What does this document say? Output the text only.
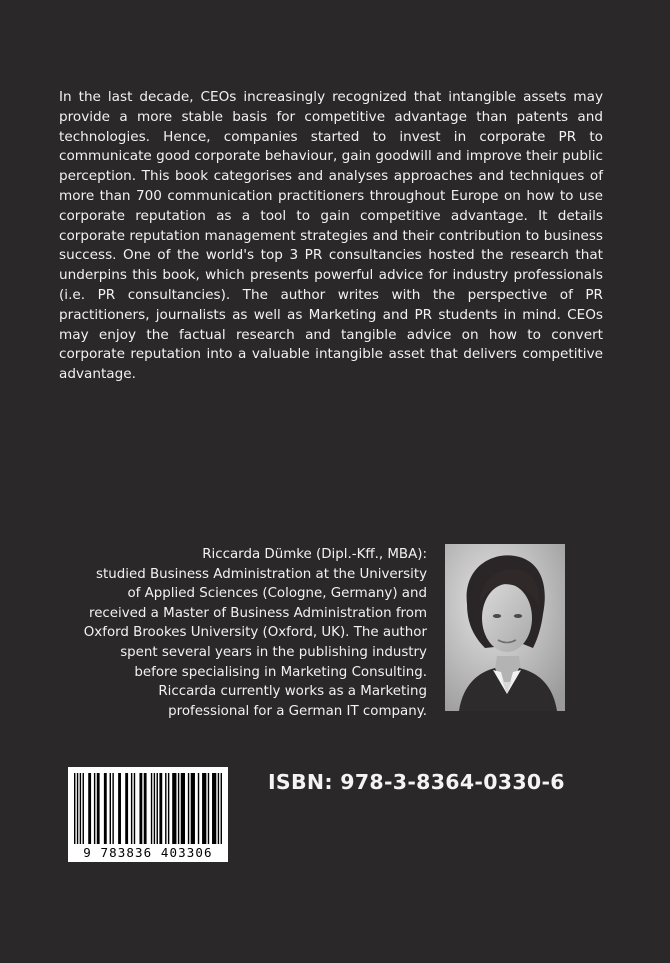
In the last decade, CEOs increasingly recognized that intangible assets may provide a more stable basis for competitive advantage than patents and technologies. Hence, companies started to invest in corporate PR to communicate good corporate behaviour, gain goodwill and improve their public perception. This book categorises and analyses approaches and techniques of more than 700 communication practitioners throughout Europe on how to use corporate reputation as a tool to gain competitive advantage. It details corporate reputation management strategies and their contribution to business success. One of the world's top 3 PR consultancies hosted the research that underpins this book, which presents powerful advice for industry professionals (i.e. PR consultancies). The author writes with the perspective of PR practitioners, journalists as well as Marketing and PR students in mind. CEOs may enjoy the factual research and tangible advice on how to convert corporate reputation into a valuable intangible asset that delivers competitive advantage.

Riccarda Dümke (Dipl.-Kff., MBA):
studied Business Administration at the University
of Applied Sciences (Cologne, Germany) and
received a Master of Business Administration from
Oxford Brookes University (Oxford, UK). The author
spent several years in the publishing industry
before specialising in Marketing Consulting.
Riccarda currently works as a Marketing
professional for a German IT company.
9 783836 403306
ISBN: 978-3-8364-0330-6
